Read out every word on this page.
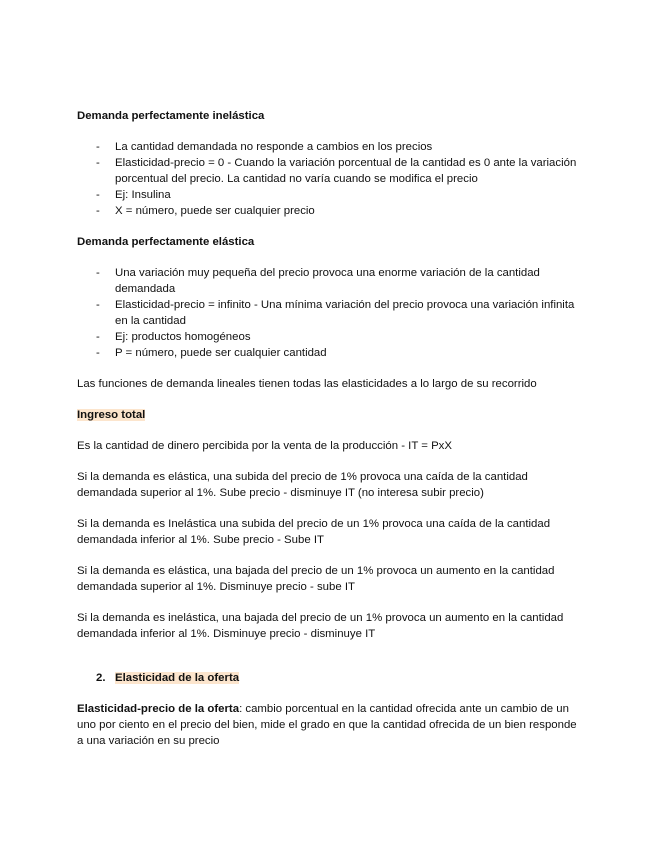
Demanda perfectamente inelástica

- La cantidad demandada no responde a cambios en los precios
- Elasticidad-precio = 0 - Cuando la variación porcentual de la cantidad es 0 ante la variación porcentual del precio. La cantidad no varía cuando se modifica el precio
- Ej: Insulina
- X = número, puede ser cualquier precio

Demanda perfectamente elástica

- Una variación muy pequeña del precio provoca una enorme variación de la cantidad demandada
- Elasticidad-precio = infinito - Una mínima variación del precio provoca una variación infinita en la cantidad
- Ej: productos homogéneos
- P = número, puede ser cualquier cantidad

Las funciones de demanda lineales tienen todas las elasticidades a lo largo de su recorrido

Ingreso total

Es la cantidad de dinero percibida por la venta de la producción - IT = PxX

Si la demanda es elástica, una subida del precio de 1% provoca una caída de la cantidad demandada superior al 1%. Sube precio - disminuye IT (no interesa subir precio)

Si la demanda es Inelástica una subida del precio de un 1% provoca una caída de la cantidad demandada inferior al 1%. Sube precio - Sube IT

Si la demanda es elástica, una bajada del precio de un 1% provoca un aumento en la cantidad demandada superior al 1%. Disminuye precio - sube IT

Si la demanda es inelástica, una bajada del precio de un 1% provoca un aumento en la cantidad demandada inferior al 1%. Disminuye precio - disminuye IT

2. Elasticidad de la oferta

Elasticidad-precio de la oferta: cambio porcentual en la cantidad ofrecida ante un cambio de un uno por ciento en el precio del bien, mide el grado en que la cantidad ofrecida de un bien responde a una variación en su precio
